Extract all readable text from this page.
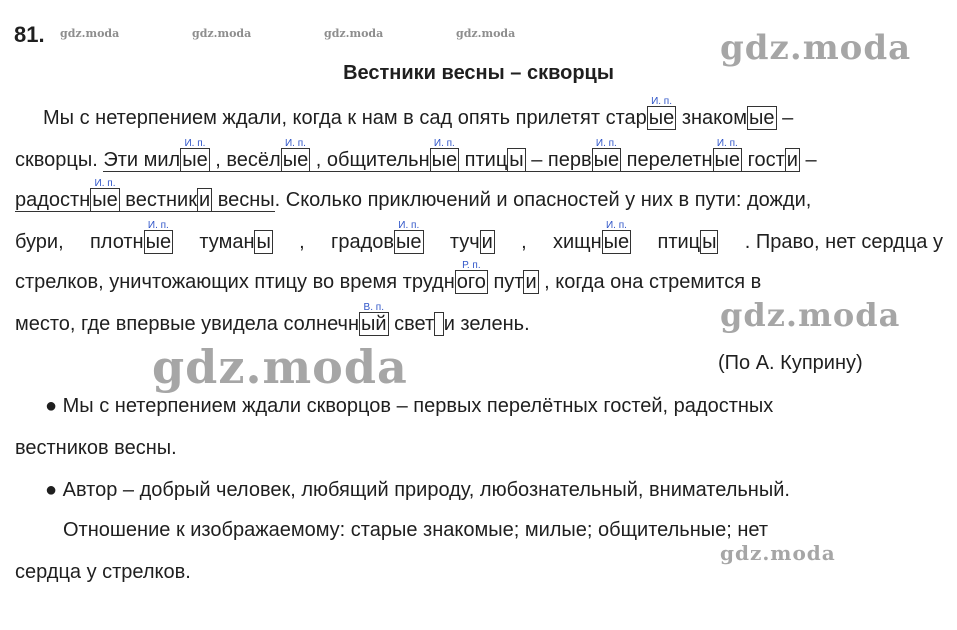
81. gdz.moda	gdz.moda	gdz.moda	gdz.moda	gdz.moda
gdz.moda
gdz.moda
gdz.moda
Вестники весны – скворцы
Мы с нетерпением ждали, когда к нам в сад опять прилетят стар
И. п.
ые знаком ые –
скворцы. Эти мил
И. п.
ые , весёл
И. п.
ые , общительн
И. п.
ые птиц ы – перв
И. п.
ые перелетн
И. п.
ые гост и –
радостн
И. п.
ые вестник и весны. Сколько приключений и опасностей у них в пути: дожди,
бури, плотн
И. п.
ые туман ы , градов
И. п.
ые туч и , хищн
И. п.
ые птиц ы . Право, нет сердца у
стрелков, уничтожающих птицу во время трудн
Р. п.
ого пут и , когда она стремится в
место, где впервые увидела солнечн
В. п.
ый свет и зелень.
(По А. Куприну)
● Мы с нетерпением ждали скворцов – первых перелётных гостей, радостных
вестников весны.
● Автор – добрый человек, любящий природу, любознательный, внимательный.
Отношение к изображаемому: старые знакомые; милые; общительные; нет
сердца у стрелков.
